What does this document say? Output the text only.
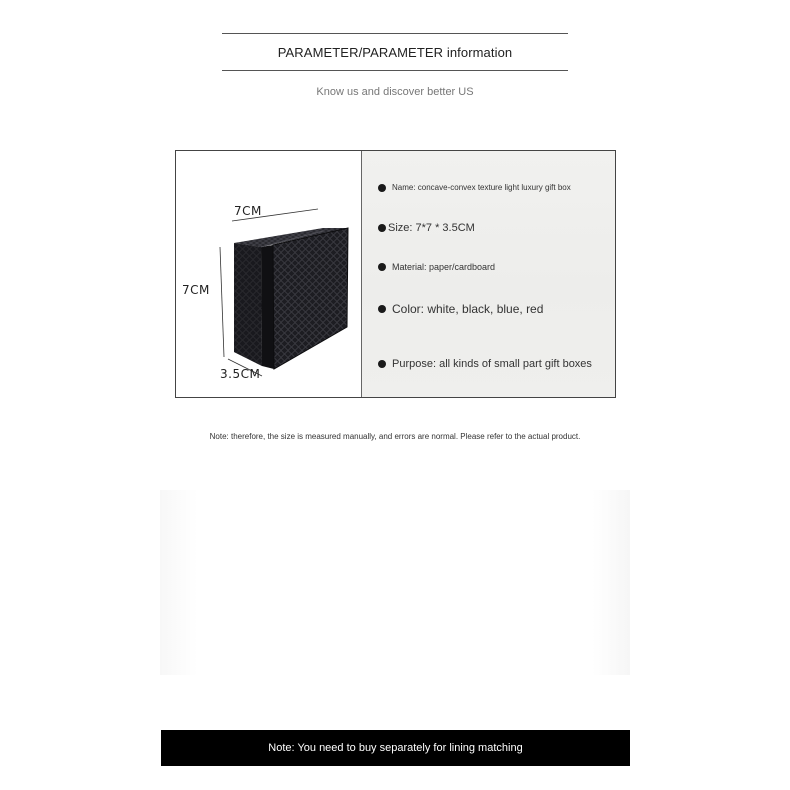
PARAMETER/PARAMETER information
Know us and discover better US
7CM
7CM
3.5CM
Name: concave-convex texture light luxury gift box
Size: 7*7 * 3.5CM
Material: paper/cardboard
Color: white, black, blue, red
Purpose: all kinds of small part gift boxes
Note: therefore, the size is measured manually, and errors are normal. Please refer to the actual product.
Note: You need to buy separately for lining matching
